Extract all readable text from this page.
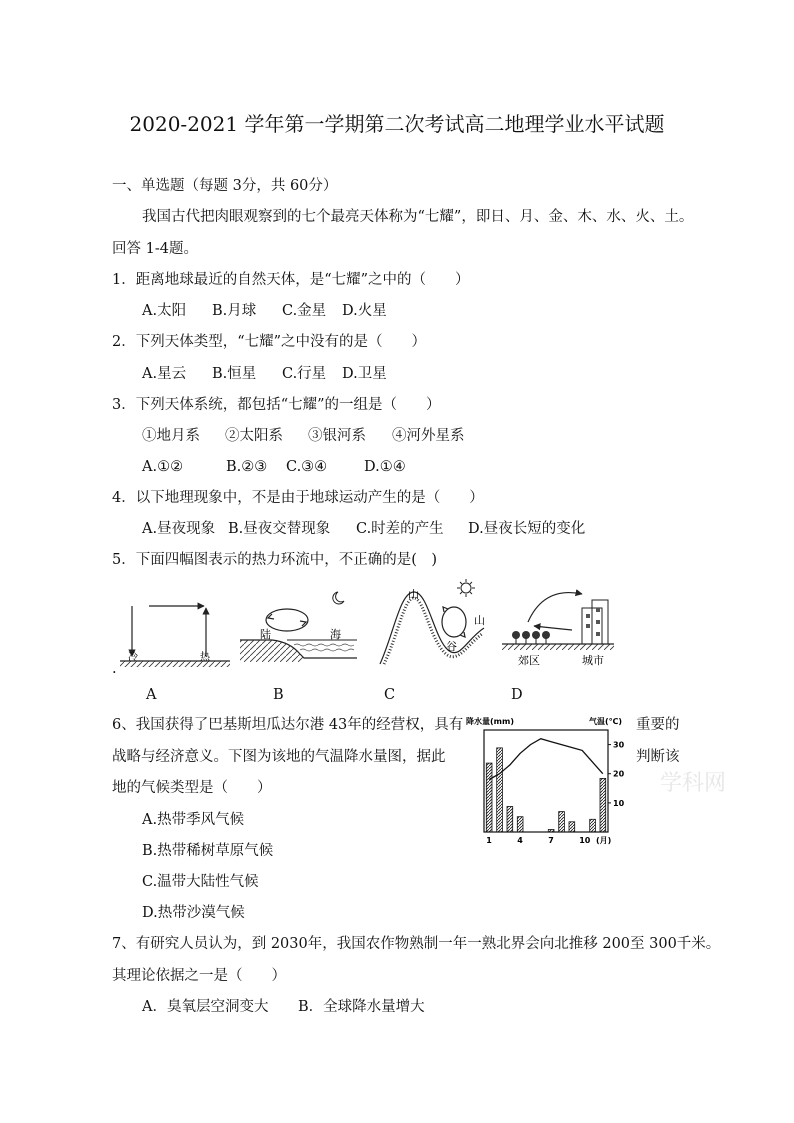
2020-2021 学年第一学期第二次考试高二地理学业水平试题
一、单选题（每题 3分，共 60分）
我国古代把肉眼观察到的七个最亮天体称为“七耀”，即日、月、金、木、水、火、土。
回答 1-4题。
1．距离地球最近的自然天体，是“七耀”之中的（　　）
A.太阳 B.月球 C.金星 D.火星
2．下列天体类型，“七耀”之中没有的是（　　）
A.星云 B.恒星 C.行星 D.卫星
3．下列天体系统，都包括“七耀”的一组是（　　）
①地月系 ②太阳系 ③银河系 ④河外星系
A.①②	B.②③ C.③④	D.①④
4．以下地理现象中，不是由于地球运动产生的是（　　）
A.昼夜现象 B.昼夜交替现象 C.时差的产生 D.昼夜长短的变化
5．下面四幅图表示的热力环流中，不正确的是(　)
.
冷	热
陆	海
山
山
谷
郊区	城市
A	B	C	D
6、我国获得了巴基斯坦瓜达尔港 43年的经营权，具有	重要的
战略与经济意义。下图为该地的气温降水量图，据此	判断该
地的气候类型是（　　）
A.热带季风气候
B.热带稀树草原气候
C.温带大陆性气候
D.热带沙漠气候
降水量(mm)	气温(℃)
学科网
1	4	7	10
10
20
30
(月)
7、有研究人员认为，到 2030年，我国农作物熟制一年一熟北界会向北推移 200至 300千米。
其理论依据之一是（　　）
A．臭氧层空洞变大 B．全球降水量增大
